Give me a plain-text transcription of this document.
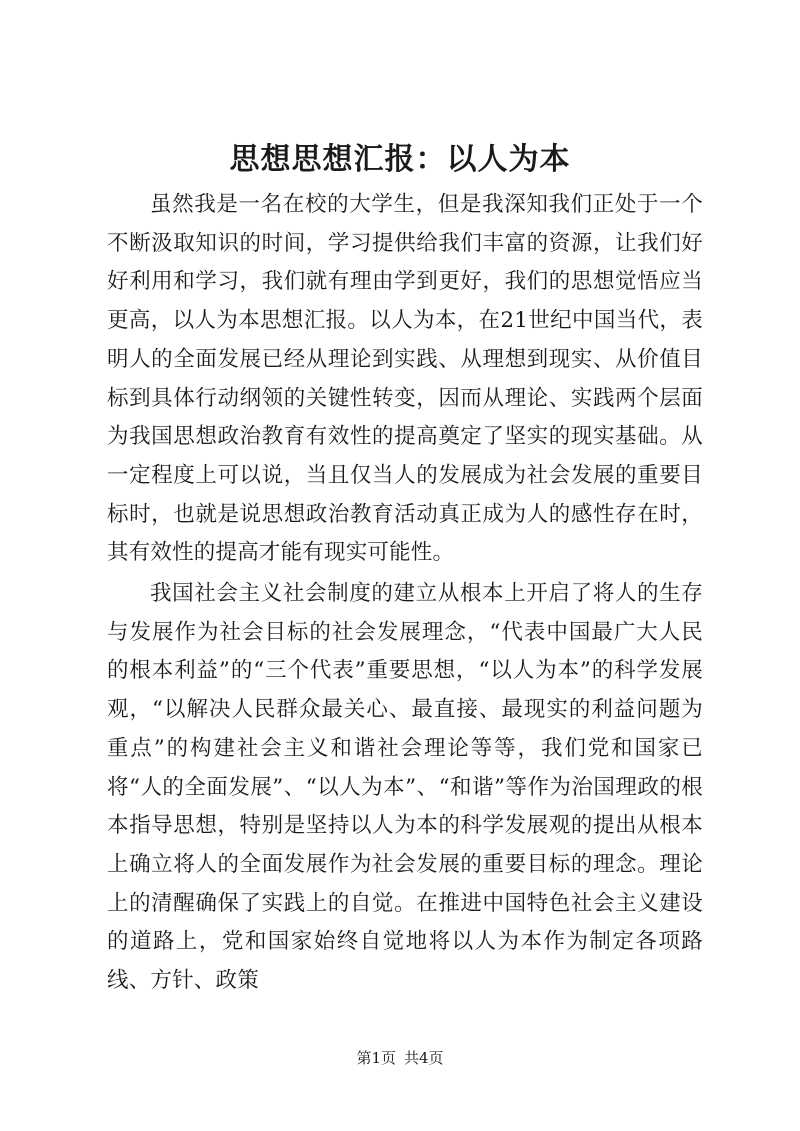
思想思想汇报：以人为本

虽然我是一名在校的大学生，但是我深知我们正处于一个不断汲取知识的时间，学习提供给我们丰富的资源，让我们好好利用和学习，我们就有理由学到更好，我们的思想觉悟应当更高，以人为本思想汇报。以人为本，在21世纪中国当代，表明人的全面发展已经从理论到实践、从理想到现实、从价值目标到具体行动纲领的关键性转变，因而从理论、实践两个层面为我国思想政治教育有效性的提高奠定了坚实的现实基础。从一定程度上可以说，当且仅当人的发展成为社会发展的重要目标时，也就是说思想政治教育活动真正成为人的感性存在时，其有效性的提高才能有现实可能性。

我国社会主义社会制度的建立从根本上开启了将人的生存与发展作为社会目标的社会发展理念，“代表中国最广大人民的根本利益”的“三个代表”重要思想，“以人为本”的科学发展观，“以解决人民群众最关心、最直接、最现实的利益问题为重点”的构建社会主义和谐社会理论等等，我们党和国家已将“人的全面发展”、“以人为本”、“和谐”等作为治国理政的根本指导思想，特别是坚持以人为本的科学发展观的提出从根本上确立将人的全面发展作为社会发展的重要目标的理念。理论上的清醒确保了实践上的自觉。在推进中国特色社会主义建设的道路上，党和国家始终自觉地将以人为本作为制定各项路线、方针、政策

第1页 共4页
